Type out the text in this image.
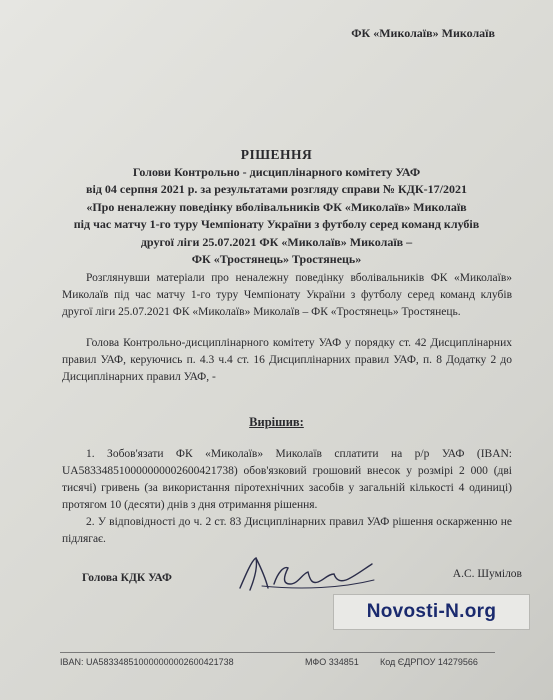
ФК «Миколаїв» Миколаїв
РІШЕННЯ
Голови Контрольно - дисциплінарного комітету УАФ
від 04 серпня 2021 р. за результатами розгляду справи № КДК-17/2021
«Про неналежну поведінку вболівальників ФК «Миколаїв» Миколаїв
під час матчу 1-го туру Чемпіонату України з футболу серед команд клубів
другої ліги 25.07.2021 ФК «Миколаїв» Миколаїв –
ФК «Тростянець» Тростянець»
Розглянувши матеріали про неналежну поведінку вболівальників ФК «Миколаїв» Миколаїв під час матчу 1-го туру Чемпіонату України з футболу серед команд клубів другої ліги 25.07.2021 ФК «Миколаїв» Миколаїв – ФК «Тростянець» Тростянець.
Голова Контрольно-дисциплінарного комітету УАФ у порядку ст. 42 Дисциплінарних правил УАФ, керуючись п. 4.3 ч.4 ст. 16 Дисциплінарних правил УАФ, п. 8 Додатку 2 до Дисциплінарних правил УАФ, -
Вирішив:

1. Зобов'язати ФК «Миколаїв» Миколаїв сплатити на р/р УАФ (IBAN: UA583348510000000002600421738) обов'язковий грошовий внесок у розмірі 2 000 (дві тисячі) гривень (за використання піротехнічних засобів у загальній кількості 4 одиниці) протягом 10 (десяти) днів з дня отримання рішення.

2. У відповідності до ч. 2 ст. 83 Дисциплінарних правил УАФ рішення оскарженню не підлягає.

Голова КДК УАФ	А.С. Шумілов
Novosti-N.org
IBAN: UA583348510000000002600421738	МФО 334851 Код ЄДРПОУ 14279566
